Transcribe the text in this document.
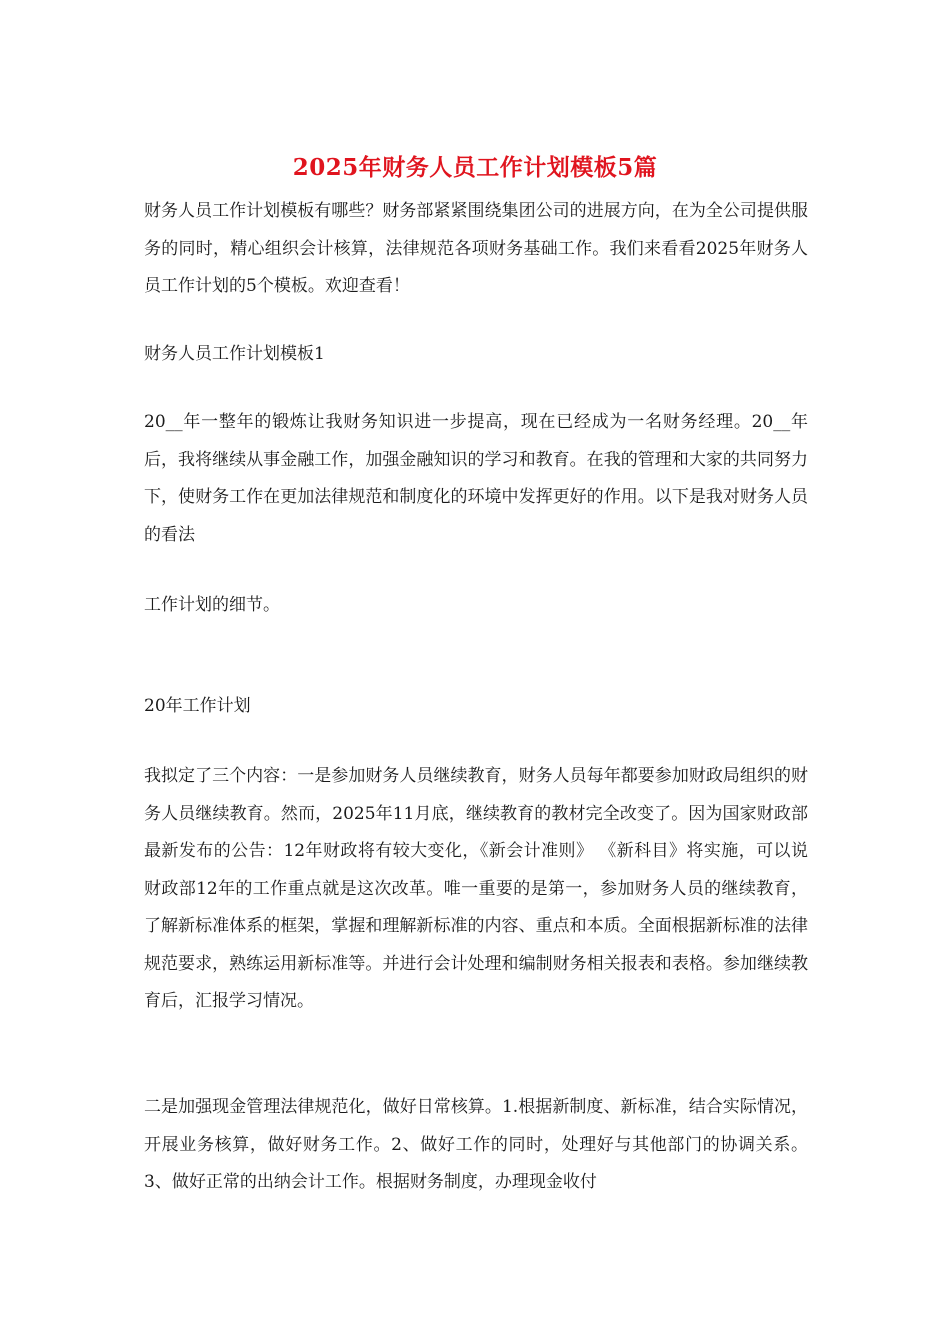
2025年财务人员工作计划模板5篇

财务人员工作计划模板有哪些？财务部紧紧围绕集团公司的进展方向，在为全公司提供服务的同时，精心组织会计核算，法律规范各项财务基础工作。我们来看看2025年财务人员工作计划的5个模板。欢迎查看！

财务人员工作计划模板1

20__年一整年的锻炼让我财务知识进一步提高，现在已经成为一名财务经理。20__年后，我将继续从事金融工作，加强金融知识的学习和教育。在我的管理和大家的共同努力下，使财务工作在更加法律规范和制度化的环境中发挥更好的作用。以下是我对财务人员的看法

工作计划的细节。

20年工作计划

我拟定了三个内容：一是参加财务人员继续教育，财务人员每年都要参加财政局组织的财务人员继续教育。然而，2025年11月底，继续教育的教材完全改变了。因为国家财政部最新发布的公告：12年财政将有较大变化，《新会计准则》 《新科目》将实施，可以说财政部12年的工作重点就是这次改革。唯一重要的是第一，参加财务人员的继续教育，了解新标准体系的框架，掌握和理解新标准的内容、重点和本质。全面根据新标准的法律规范要求，熟练运用新标准等。并进行会计处理和编制财务相关报表和表格。参加继续教育后，汇报学习情况。

二是加强现金管理法律规范化，做好日常核算。1.根据新制度、新标准，结合实际情况，开展业务核算，做好财务工作。2、做好工作的同时，处理好与其他部门的协调关系。3、做好正常的出纳会计工作。根据财务制度，办理现金收付
